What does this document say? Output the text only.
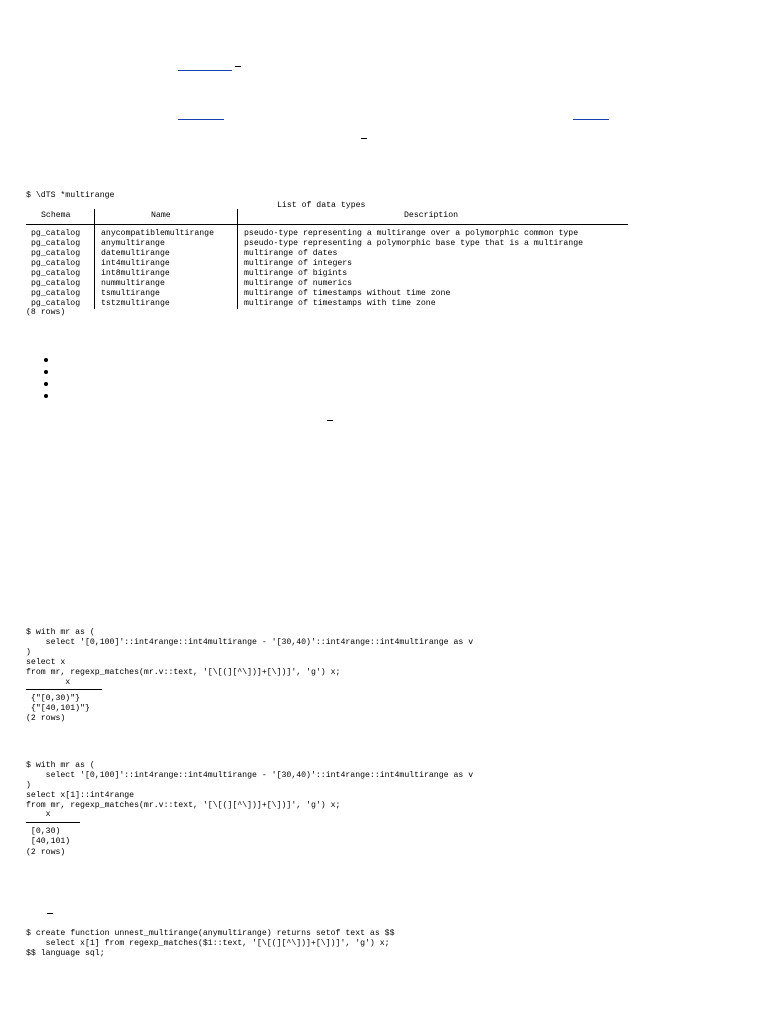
$ \dTS *multirange
List of data types
Schema	Name	Description
pg_catalog	anycompatiblemultirange	pseudo-type representing a multirange over a polymorphic common type
pg_catalog	anymultirange	pseudo-type representing a polymorphic base type that is a multirange
pg_catalog	datemultirange	multirange of dates
pg_catalog	int4multirange	multirange of integers
pg_catalog	int8multirange	multirange of bigints
pg_catalog	nummultirange	multirange of numerics
pg_catalog	tsmultirange	multirange of timestamps without time zone
pg_catalog	tstzmultirange	multirange of timestamps with time zone
(8 rows)
$ with mr as (
select '[0,100]'::int4range::int4multirange - '[30,40)'::int4range::int4multirange as v
)
select x
from mr, regexp_matches(mr.v::text, '[\[(][^\])]+[\])]', 'g') x;
x
{"[0,30)"}
{"[40,101)"}
(2 rows)
$ with mr as (
select '[0,100]'::int4range::int4multirange - '[30,40)'::int4range::int4multirange as v
)
select x[1]::int4range
from mr, regexp_matches(mr.v::text, '[\[(][^\])]+[\])]', 'g') x;
x
[0,30)
[40,101)
(2 rows)
$ create function unnest_multirange(anymultirange) returns setof text as $$
select x[1] from regexp_matches($1::text, '[\[(][^\])]+[\])]', 'g') x;
$$ language sql;
